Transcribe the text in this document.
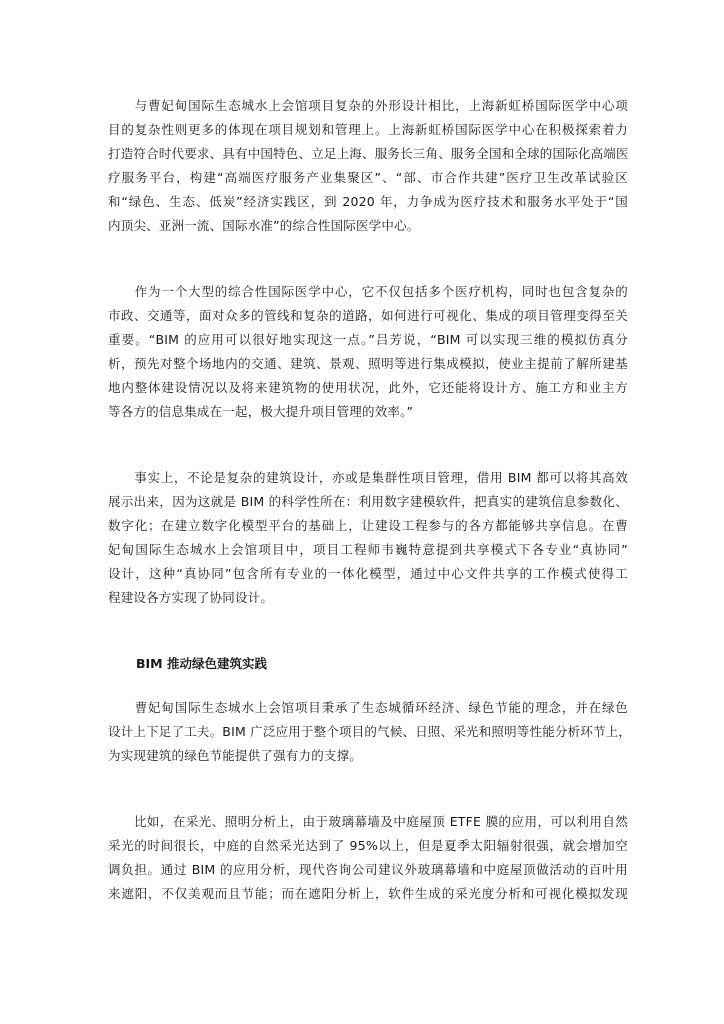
　　与曹妃甸国际生态城水上会馆项目复杂的外形设计相比，上海新虹桥国际医学中心项
目的复杂性则更多的体现在项目规划和管理上。上海新虹桥国际医学中心在积极探索着力
打造符合时代要求、具有中国特色、立足上海、服务长三角、服务全国和全球的国际化高端医
疗服务平台，构建“高端医疗服务产业集聚区”、“部、市合作共建”医疗卫生改革试验区
和“绿色、生态、低炭”经济实践区，到 2020 年，力争成为医疗技术和服务水平处于“国
内顶尖、亚洲一流、国际水准”的综合性国际医学中心。
　　作为一个大型的综合性国际医学中心，它不仅包括多个医疗机构，同时也包含复杂的
市政、交通等，面对众多的管线和复杂的道路，如何进行可视化、集成的项目管理变得至关
重要。“BIM 的应用可以很好地实现这一点。”吕芳说，“BIM 可以实现三维的模拟仿真分
析，预先对整个场地内的交通、建筑、景观、照明等进行集成模拟，使业主提前了解所建基
地内整体建设情况以及将来建筑物的使用状况，此外，它还能将设计方、施工方和业主方
等各方的信息集成在一起，极大提升项目管理的效率。”
　　事实上，不论是复杂的建筑设计，亦或是集群性项目管理，借用 BIM 都可以将其高效
展示出来，因为这就是 BIM 的科学性所在：利用数字建模软件，把真实的建筑信息参数化、
数字化；在建立数字化模型平台的基础上，让建设工程参与的各方都能够共享信息。在曹
妃甸国际生态城水上会馆项目中，项目工程师韦巍特意提到共享模式下各专业“真协同”
设计，这种“真协同”包含所有专业的一体化模型，通过中心文件共享的工作模式使得工
程建设各方实现了协同设计。
BIM 推动绿色建筑实践
　　曹妃甸国际生态城水上会馆项目秉承了生态城循环经济、绿色节能的理念，并在绿色
设计上下足了工夫。BIM 广泛应用于整个项目的气候、日照、采光和照明等性能分析环节上，
为实现建筑的绿色节能提供了强有力的支撑。
　　比如，在采光、照明分析上，由于玻璃幕墙及中庭屋顶 ETFE 膜的应用，可以利用自然
采光的时间很长，中庭的自然采光达到了 95%以上，但是夏季太阳辐射很强，就会增加空
调负担。通过 BIM 的应用分析，现代咨询公司建议外玻璃幕墙和中庭屋顶做活动的百叶用
来遮阳，不仅美观而且节能；而在遮阳分析上，软件生成的采光度分析和可视化模拟发现
